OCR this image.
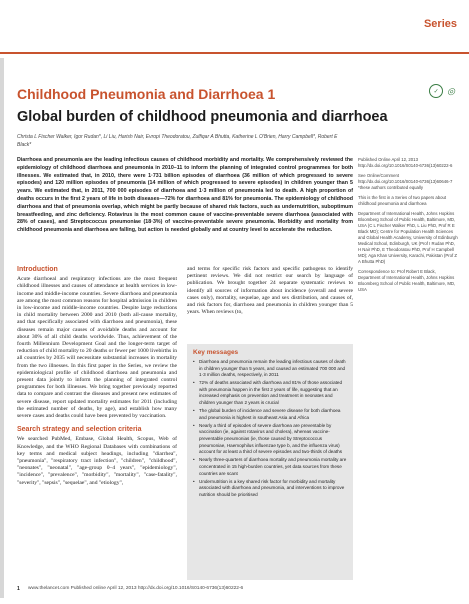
Series
Childhood Pneumonia and Diarrhoea 1	✓ ◎
Global burden of childhood pneumonia and diarrhoea
Christa L Fischer Walker, Igor Rudan*, Li Liu, Harish Nair, Evropi Theodoratou, Zulfiqar A Bhutta, Katherine L O'Brien, Harry Campbell*, Robert E Black*
Diarrhoea and pneumonia are the leading infectious causes of childhood morbidity and mortality. We comprehensively reviewed the epidemiology of childhood diarrhoea and pneumonia in 2010–11 to inform the planning of integrated control programmes for both illnesses. We estimated that, in 2010, there were 1·731 billion episodes of diarrhoea (36 million of which progressed to severe episodes) and 120 million episodes of pneumonia (14 million of which progressed to severe episodes) in children younger than 5 years. We estimated that, in 2011, 700 000 episodes of diarrhoea and 1·3 million of pneumonia led to death. A high proportion of deaths occurs in the first 2 years of life in both diseases—72% for diarrhoea and 81% for pneumonia. The epidemiology of childhood diarrhoea and that of pneumonia overlap, which might be partly because of shared risk factors, such as undernutrition, suboptimum breastfeeding, and zinc deficiency. Rotavirus is the most common cause of vaccine-preventable severe diarrhoea (associated with 28% of cases), and Streptococcus pneumoniae (18·3%) of vaccine-preventable severe pneumonia. Morbidity and mortality from childhood pneumonia and diarrhoea are falling, but action is needed globally and at country level to accelerate the reduction.

Published Online April 12, 2013 http://dx.doi.org/10.1016/S0140-6736(13)60222-6

See Online/Comment http://dx.doi.org/10.1016/S0140-6736(13)60646-7 *these authors contributed equally

This is the first in a Series of two papers about childhood pneumonia and diarrhoea

Department of International Health, Johns Hopkins Bloomberg School of Public Health, Baltimore, MD, USA (C L Fischer Walker PhD, L Liu PhD, Prof R E Black MD); Centre for Population Health Sciences and Global Health Academy, University of Edinburgh Medical School, Edinburgh, UK (Prof I Rudan PhD, H Nair PhD, E Theodoratou PhD, Prof H Campbell MD); Aga Khan University, Karachi, Pakistan (Prof Z A Bhutta PhD)

Correspondence to: Prof Robert E Black, Department of International Health, Johns Hopkins Bloomberg School of Public Health, Baltimore, MD, USA

Introduction

Acute diarrhoeal and respiratory infections are the most frequent childhood illnesses and causes of attendance at health services in low-income and middle-income countries. Severe diarrhoea and pneumonia are among the most common reasons for hospital admission in children in low-income and middle-income countries. Despite large reductions in child mortality between 2000 and 2010 (both all-cause mortality, and that specifically associated with diarrhoea and pneumonia), these diseases remain major causes of avoidable deaths and account for about 30% of all child deaths worldwide. Thus, achievement of the fourth Millennium Development Goal and the longer-term target of reduction of child mortality to 20 deaths or fewer per 1000 livebirths in all countries by 2035 will necessitate substantial increases in mortality from the two illnesses. In this first paper in the Series, we review the epidemiological profile of childhood diarrhoea and pneumonia and present data jointly to inform the planning of integrated control programmes for both illnesses. We bring together previously reported data to compare and contrast the diseases and present new estimates of severe disease, report updated mortality estimates for 2011 (including the estimated number of deaths, by age), and establish how many severe cases and deaths could have been prevented by vaccination.

Search strategy and selection criteria

We searched PubMed, Embase, Global Health, Scopus, Web of Knowledge, and the WHO Regional Databases with combinations of key terms and medical subject headings, including "diarrhea", "pneumonia", "respiratory tract infection", "children", "childhood", "neonates", "neonatal", "age-group 0–4 years", "epidemiology", "incidence", "prevalence", "morbidity", "mortality", "case-fatality", "severity", "sepsis", "sequelae", and "etiology",

and terms for specific risk factors and specific pathogens to identify pertinent reviews. We did not restrict our search by language of publication. We brought together 24 separate systematic reviews to identify all sources of information about incidence (overall and severe cases only), mortality, sequelae, age and sex distribution, and causes of, and risk factors for, diarrhoea and pneumonia in children younger than 5 years. When reviews (to,

Key messages
• Diarrhoea and pneumonia remain the leading infectious causes of death in children younger than 5 years, and caused an estimated 700 000 and 1·3 million deaths, respectively, in 2011
• 72% of deaths associated with diarrhoea and 81% of those associated with pneumonia happen in the first 2 years of life, suggesting that an increased emphasis on prevention and treatment in neonates and children younger than 2 years is crucial
• The global burden of incidence and severe disease for both diarrhoea and pneumonia is highest in southeast Asia and Africa
• Nearly a third of episodes of severe diarrhoea are preventable by vaccination (ie, against rotavirus and cholera), whereas vaccine-preventable pneumonias (ie, those caused by Streptococcus pneumoniae, Haemophilus influenzae type b, and the influenza virus) account for at least a third of severe episodes and two-thirds of deaths
• Nearly three-quarters of diarrhoea mortality and pneumonia mortality are concentrated in 15 high-burden countries, yet data sources from these countries are scant
• Undernutrition is a key shared risk factor for morbidity and mortality associated with diarrhoea and pneumonia, and interventions to improve nutrition should be prioritised
1 www.thelancet.com Published online April 12, 2013 http://dx.doi.org/10.1016/S0140-6736(13)60222-6
